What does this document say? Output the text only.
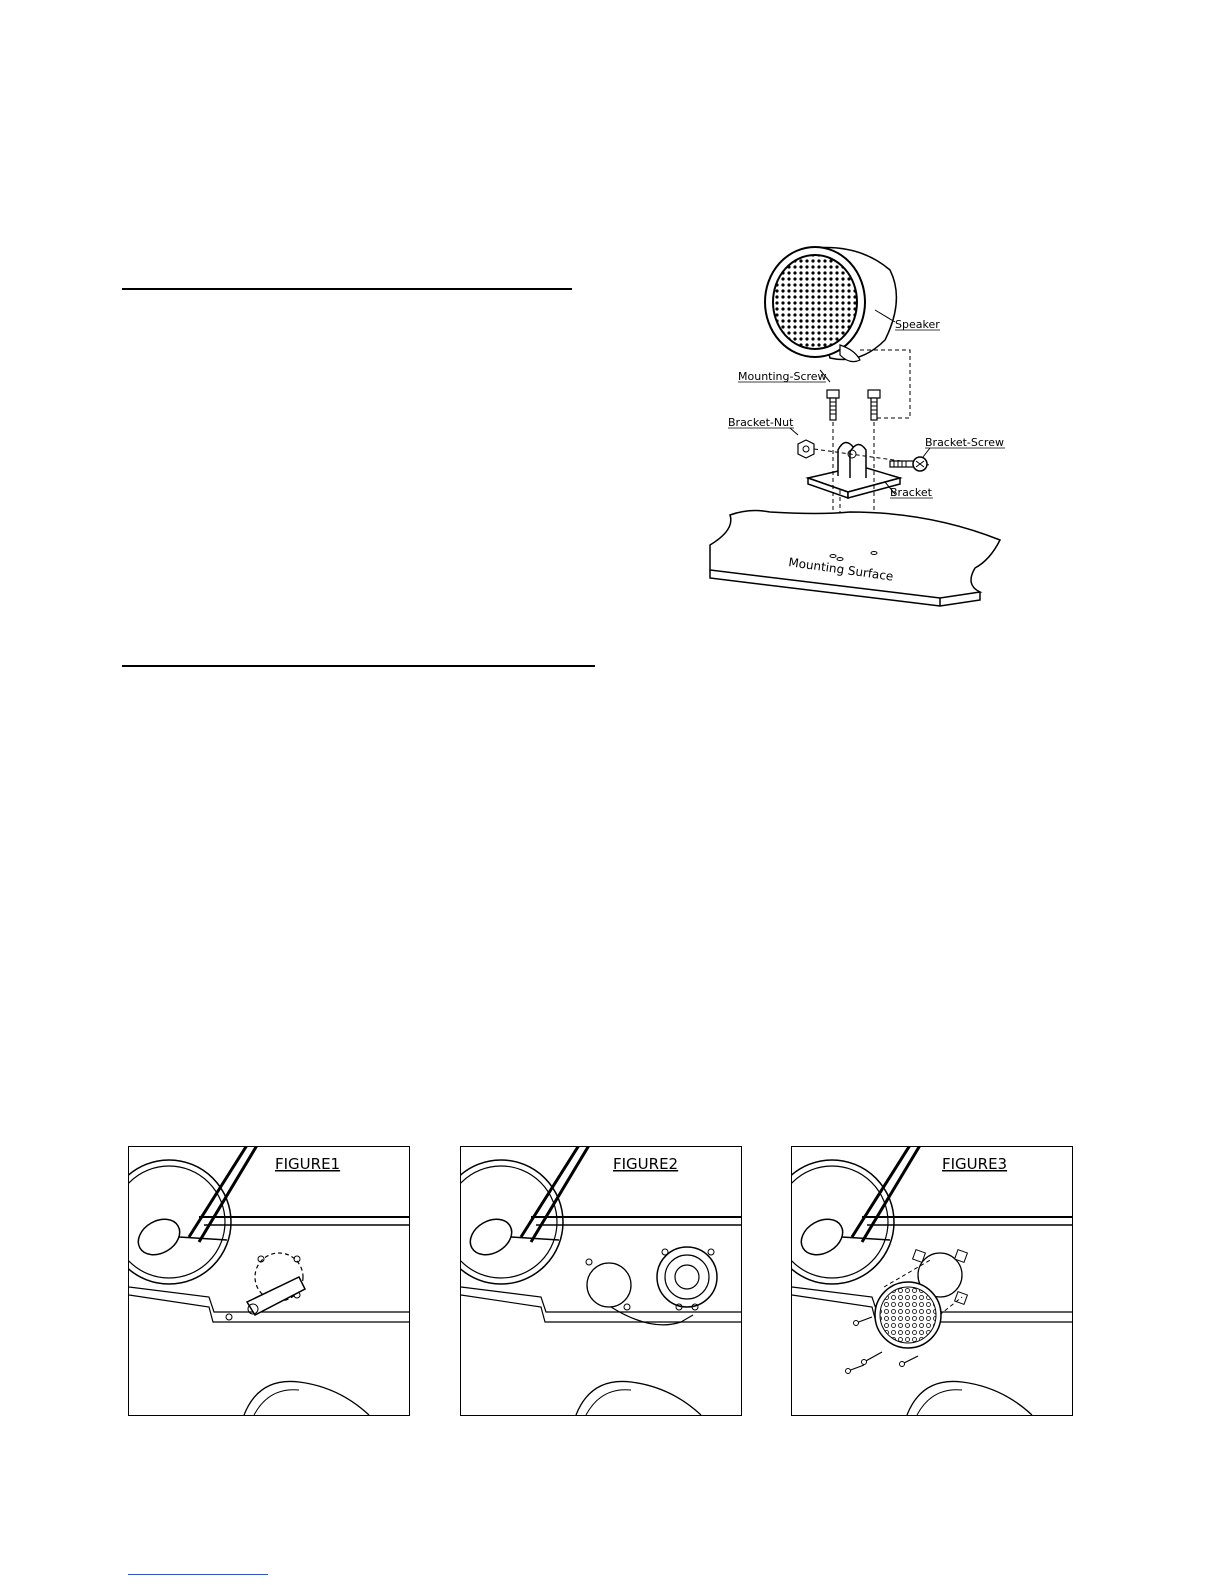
Speaker
Mounting-Screw
Bracket-Nut
Bracket-Screw
Bracket
Mounting Surface
FIGURE1	FIGURE2	FIGURE3
